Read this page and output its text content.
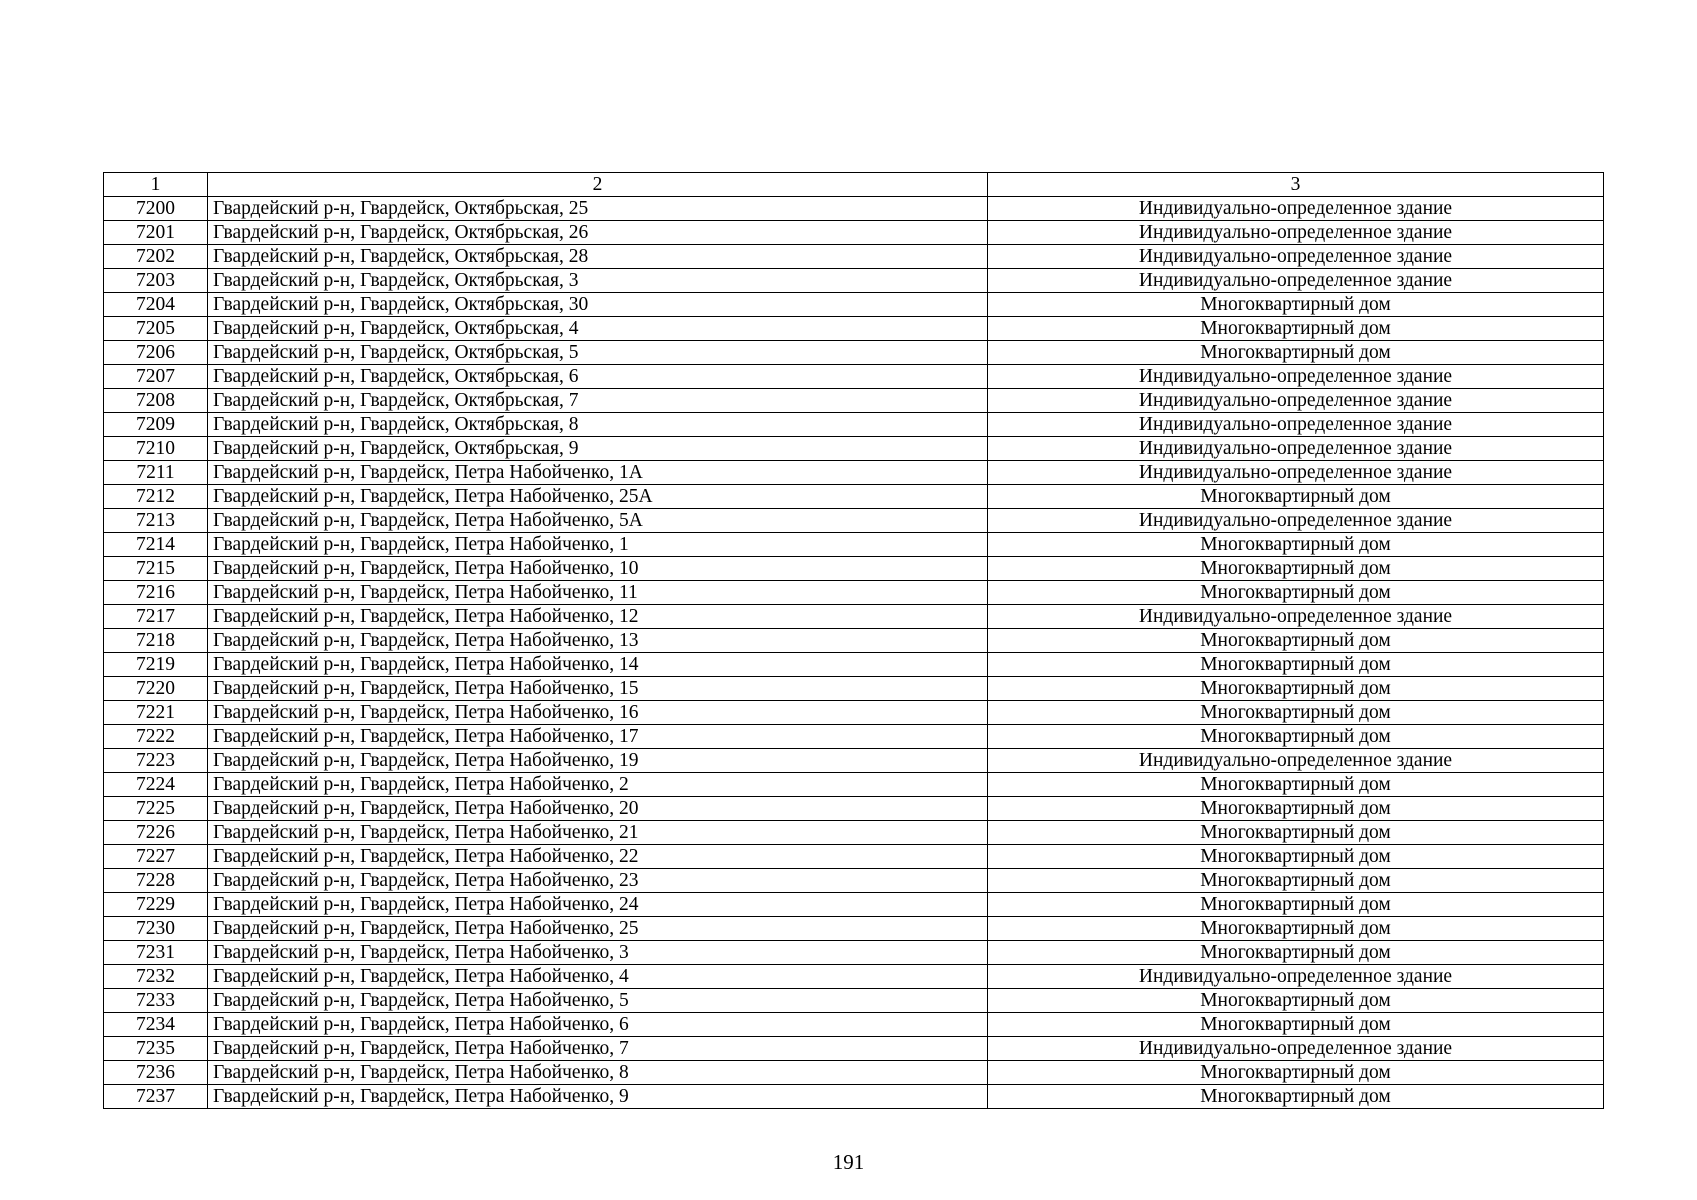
1	2	3
7200	Гвардейский р-н, Гвардейск, Октябрьская, 25	Индивидуально-определенное здание
7201	Гвардейский р-н, Гвардейск, Октябрьская, 26	Индивидуально-определенное здание
7202	Гвардейский р-н, Гвардейск, Октябрьская, 28	Индивидуально-определенное здание
7203	Гвардейский р-н, Гвардейск, Октябрьская, 3	Индивидуально-определенное здание
7204	Гвардейский р-н, Гвардейск, Октябрьская, 30	Многоквартирный дом
7205	Гвардейский р-н, Гвардейск, Октябрьская, 4	Многоквартирный дом
7206	Гвардейский р-н, Гвардейск, Октябрьская, 5	Многоквартирный дом
7207	Гвардейский р-н, Гвардейск, Октябрьская, 6	Индивидуально-определенное здание
7208	Гвардейский р-н, Гвардейск, Октябрьская, 7	Индивидуально-определенное здание
7209	Гвардейский р-н, Гвардейск, Октябрьская, 8	Индивидуально-определенное здание
7210	Гвардейский р-н, Гвардейск, Октябрьская, 9	Индивидуально-определенное здание
7211	Гвардейский р-н, Гвардейск, Петра Набойченко, 1А	Индивидуально-определенное здание
7212	Гвардейский р-н, Гвардейск, Петра Набойченко, 25А	Многоквартирный дом
7213	Гвардейский р-н, Гвардейск, Петра Набойченко, 5А	Индивидуально-определенное здание
7214	Гвардейский р-н, Гвардейск, Петра Набойченко, 1	Многоквартирный дом
7215	Гвардейский р-н, Гвардейск, Петра Набойченко, 10	Многоквартирный дом
7216	Гвардейский р-н, Гвардейск, Петра Набойченко, 11	Многоквартирный дом
7217	Гвардейский р-н, Гвардейск, Петра Набойченко, 12	Индивидуально-определенное здание
7218	Гвардейский р-н, Гвардейск, Петра Набойченко, 13	Многоквартирный дом
7219	Гвардейский р-н, Гвардейск, Петра Набойченко, 14	Многоквартирный дом
7220	Гвардейский р-н, Гвардейск, Петра Набойченко, 15	Многоквартирный дом
7221	Гвардейский р-н, Гвардейск, Петра Набойченко, 16	Многоквартирный дом
7222	Гвардейский р-н, Гвардейск, Петра Набойченко, 17	Многоквартирный дом
7223	Гвардейский р-н, Гвардейск, Петра Набойченко, 19	Индивидуально-определенное здание
7224	Гвардейский р-н, Гвардейск, Петра Набойченко, 2	Многоквартирный дом
7225	Гвардейский р-н, Гвардейск, Петра Набойченко, 20	Многоквартирный дом
7226	Гвардейский р-н, Гвардейск, Петра Набойченко, 21	Многоквартирный дом
7227	Гвардейский р-н, Гвардейск, Петра Набойченко, 22	Многоквартирный дом
7228	Гвардейский р-н, Гвардейск, Петра Набойченко, 23	Многоквартирный дом
7229	Гвардейский р-н, Гвардейск, Петра Набойченко, 24	Многоквартирный дом
7230	Гвардейский р-н, Гвардейск, Петра Набойченко, 25	Многоквартирный дом
7231	Гвардейский р-н, Гвардейск, Петра Набойченко, 3	Многоквартирный дом
7232	Гвардейский р-н, Гвардейск, Петра Набойченко, 4	Индивидуально-определенное здание
7233	Гвардейский р-н, Гвардейск, Петра Набойченко, 5	Многоквартирный дом
7234	Гвардейский р-н, Гвардейск, Петра Набойченко, 6	Многоквартирный дом
7235	Гвардейский р-н, Гвардейск, Петра Набойченко, 7	Индивидуально-определенное здание
7236	Гвардейский р-н, Гвардейск, Петра Набойченко, 8	Многоквартирный дом
7237	Гвардейский р-н, Гвардейск, Петра Набойченко, 9	Многоквартирный дом
191
